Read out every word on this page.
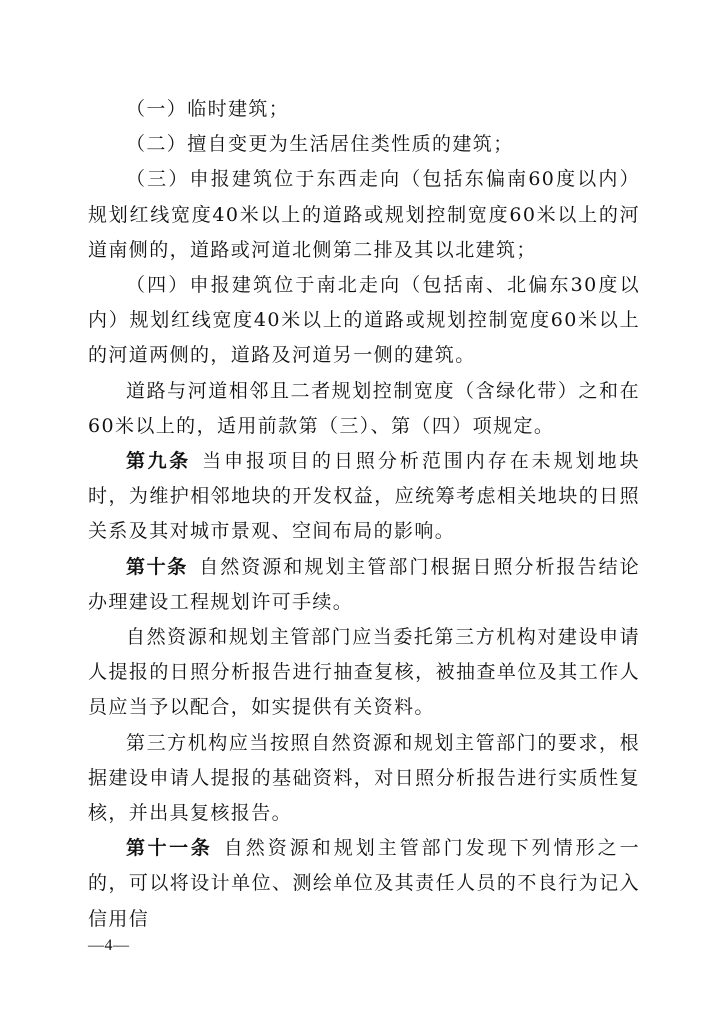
（一）临时建筑；

（二）擅自变更为生活居住类性质的建筑；

（三）申报建筑位于东西走向（包括东偏南60度以内）规划红线宽度40米以上的道路或规划控制宽度60米以上的河道南侧的，道路或河道北侧第二排及其以北建筑；

（四）申报建筑位于南北走向（包括南、北偏东30度以内）规划红线宽度40米以上的道路或规划控制宽度60米以上的河道两侧的，道路及河道另一侧的建筑。

道路与河道相邻且二者规划控制宽度（含绿化带）之和在60米以上的，适用前款第（三）、第（四）项规定。

第九条 当申报项目的日照分析范围内存在未规划地块时，为维护相邻地块的开发权益，应统筹考虑相关地块的日照关系及其对城市景观、空间布局的影响。

第十条 自然资源和规划主管部门根据日照分析报告结论办理建设工程规划许可手续。

自然资源和规划主管部门应当委托第三方机构对建设申请人提报的日照分析报告进行抽查复核，被抽查单位及其工作人员应当予以配合，如实提供有关资料。

第三方机构应当按照自然资源和规划主管部门的要求，根据建设申请人提报的基础资料，对日照分析报告进行实质性复核，并出具复核报告。

第十一条 自然资源和规划主管部门发现下列情形之一的，可以将设计单位、测绘单位及其责任人员的不良行为记入信用信

—4—
